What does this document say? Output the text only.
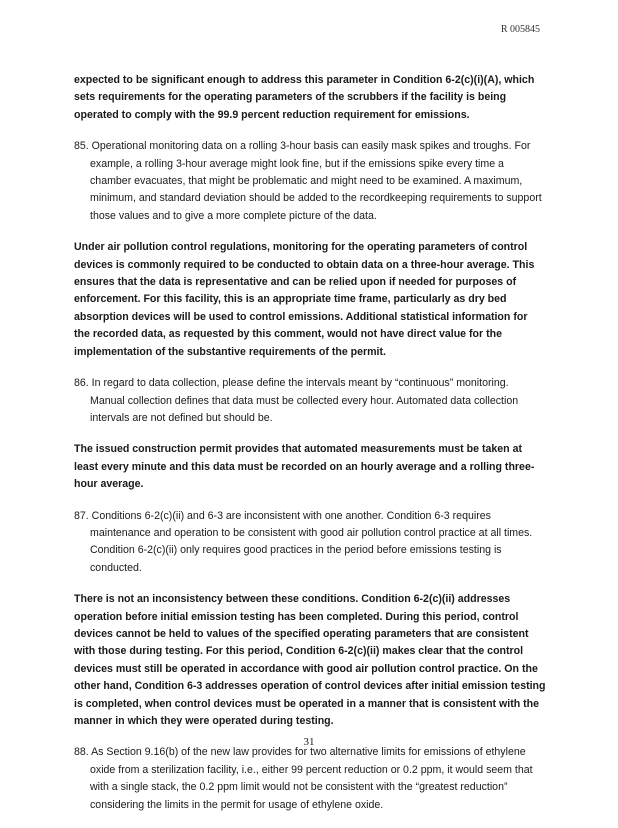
R 005845

expected to be significant enough to address this parameter in Condition 6-2(c)(i)(A), which sets requirements for the operating parameters of the scrubbers if the facility is being operated to comply with the 99.9 percent reduction requirement for emissions.

85. Operational monitoring data on a rolling 3-hour basis can easily mask spikes and troughs. For example, a rolling 3-hour average might look fine, but if the emissions spike every time a chamber evacuates, that might be problematic and might need to be examined. A maximum, minimum, and standard deviation should be added to the recordkeeping requirements to support those values and to give a more complete picture of the data.

Under air pollution control regulations, monitoring for the operating parameters of control devices is commonly required to be conducted to obtain data on a three-hour average. This ensures that the data is representative and can be relied upon if needed for purposes of enforcement. For this facility, this is an appropriate time frame, particularly as dry bed absorption devices will be used to control emissions. Additional statistical information for the recorded data, as requested by this comment, would not have direct value for the implementation of the substantive requirements of the permit.

86. In regard to data collection, please define the intervals meant by “continuous” monitoring. Manual collection defines that data must be collected every hour. Automated data collection intervals are not defined but should be.

The issued construction permit provides that automated measurements must be taken at least every minute and this data must be recorded on an hourly average and a rolling three-hour average.

87. Conditions 6-2(c)(ii) and 6-3 are inconsistent with one another. Condition 6-3 requires maintenance and operation to be consistent with good air pollution control practice at all times. Condition 6-2(c)(ii) only requires good practices in the period before emissions testing is conducted.

There is not an inconsistency between these conditions. Condition 6-2(c)(ii) addresses operation before initial emission testing has been completed. During this period, control devices cannot be held to values of the specified operating parameters that are consistent with those during testing. For this period, Condition 6-2(c)(ii) makes clear that the control devices must still be operated in accordance with good air pollution control practice. On the other hand, Condition 6-3 addresses operation of control devices after initial emission testing is completed, when control devices must be operated in a manner that is consistent with the manner in which they were operated during testing.

88. As Section 9.16(b) of the new law provides for two alternative limits for emissions of ethylene oxide from a sterilization facility, i.e., either 99 percent reduction or 0.2 ppm, it would seem that with a single stack, the 0.2 ppm limit would not be consistent with the “greatest reduction” considering the limits in the permit for usage of ethylene oxide.

31
